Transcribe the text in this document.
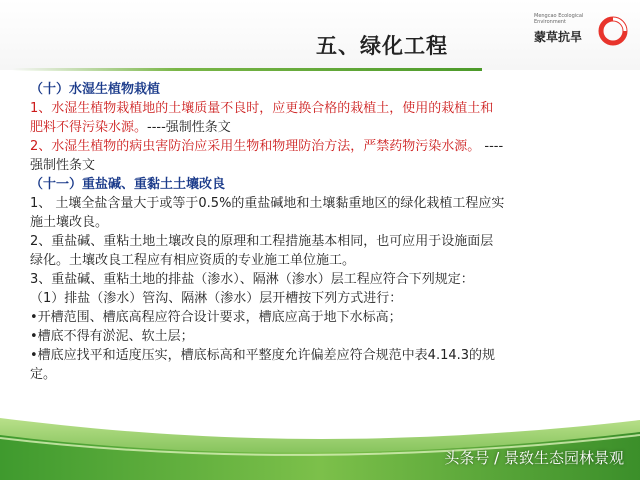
五、绿化工程
Mengcao Ecological
Environment
蒙草抗旱

（十）水湿生植物栽植

1、水湿生植物栽植地的土壤质量不良时，应更换合格的栽植土，使用的栽植土和

肥料不得污染水源。----强制性条文

2、水湿生植物的病虫害防治应采用生物和物理防治方法，严禁药物污染水源。 ----

强制性条文

（十一）重盐碱、重黏土土壤改良

1、 土壤全盐含量大于或等于0.5%的重盐碱地和土壤黏重地区的绿化栽植工程应实

施土壤改良。

2、重盐碱、重粘土地土壤改良的原理和工程措施基本相同，也可应用于设施面层

绿化。土壤改良工程应有相应资质的专业施工单位施工。

3、重盐碱、重粘土地的排盐（渗水）、隔淋（渗水）层工程应符合下列规定：

（1）排盐（渗水）管沟、隔淋（渗水）层开槽按下列方式进行：

• 开槽范围、槽底高程应符合设计要求，槽底应高于地下水标高；

• 槽底不得有淤泥、软土层；

• 槽底应找平和适度压实，槽底标高和平整度允许偏差应符合规范中表4.14.3的规

定。

头条号 / 景致生态园林景观
